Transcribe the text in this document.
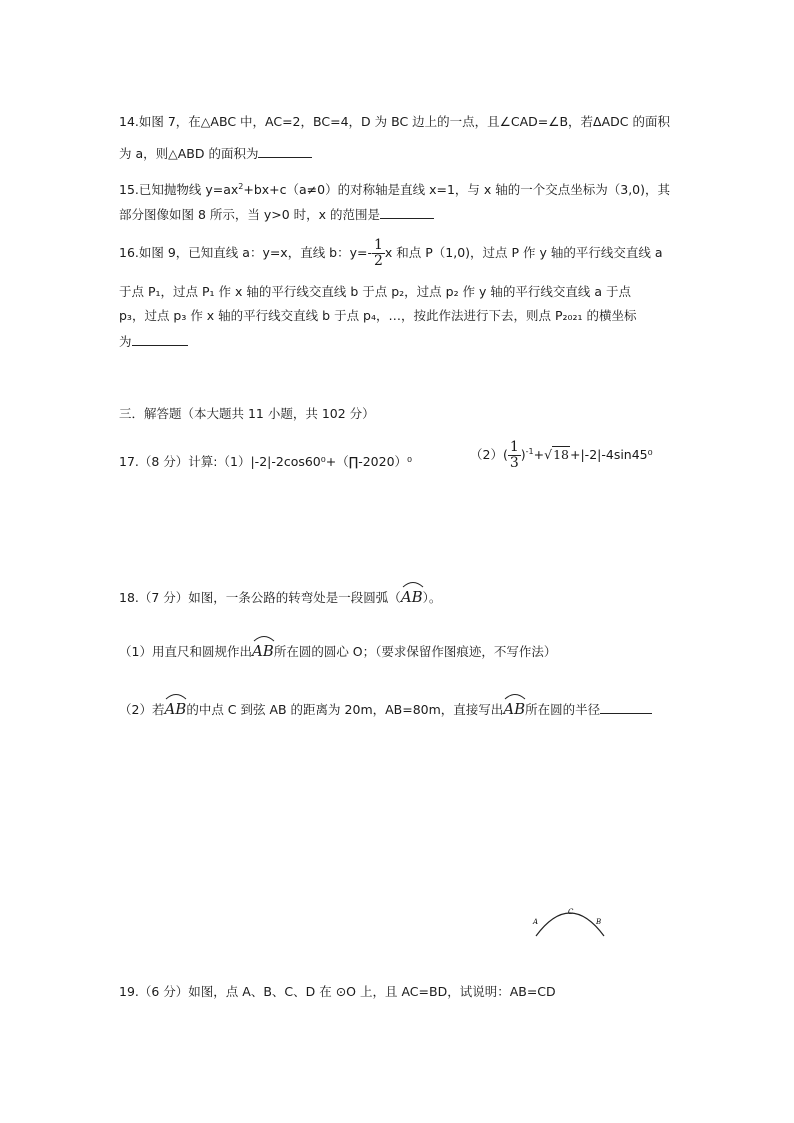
14.如图 7，在△ABC 中，AC=2，BC=4，D 为 BC 边上的一点，且∠CAD=∠B，若ΔADC 的面积
为 a，则△ABD 的面积为
15.已知抛物线 $y=ax^2+bx+c(a\ne 0)$的对称轴是直线 x=1，与 x 轴的一个交点坐标为（3,0)，其
部分图像如图 8 所示，当 y>0 时，x 的范围是
16.如图 9，已知直线 a：y=x，直线 b：$y=- \frac{1}{2}$ x 和点 P（1,0)，过点 P 作 y 轴的平行线交直线 a
于点 P₁，过点 P₁ 作 x 轴的平行线交直线 b 于点 p₂，过点 p₂ 作 y 轴的平行线交直线 a 于点
p₃，过点 p₃ 作 x 轴的平行线交直线 b 于点 p₄，…，按此作法进行下去，则点 P₂₀₂₁ 的横坐标
为
三．解答题（本大题共 11 小题，共 102 分）
17.（8 分）计算:（1）|-2|-2cos60⁰+（∏-2020）⁰	$(2)( \frac{1}{3} )^{-1}+√18+|-2|-4\sin 45^0$
18.（7 分）如图，一条公路的转弯处是一段圆弧（
AB）。
（1）用直尺和圆规作出
AB所在圆的圆心 O；（要求保留作图痕迹，不写作法）
（2）若
AB的中点 C 到弦 AB 的距离为 20m，AB=80m，直接写出
AB所在圆的半径
A
C
B
19.（6 分）如图，点 A、B、C、D 在 ⊙O 上，且 AC=BD，试说明：AB=CD
